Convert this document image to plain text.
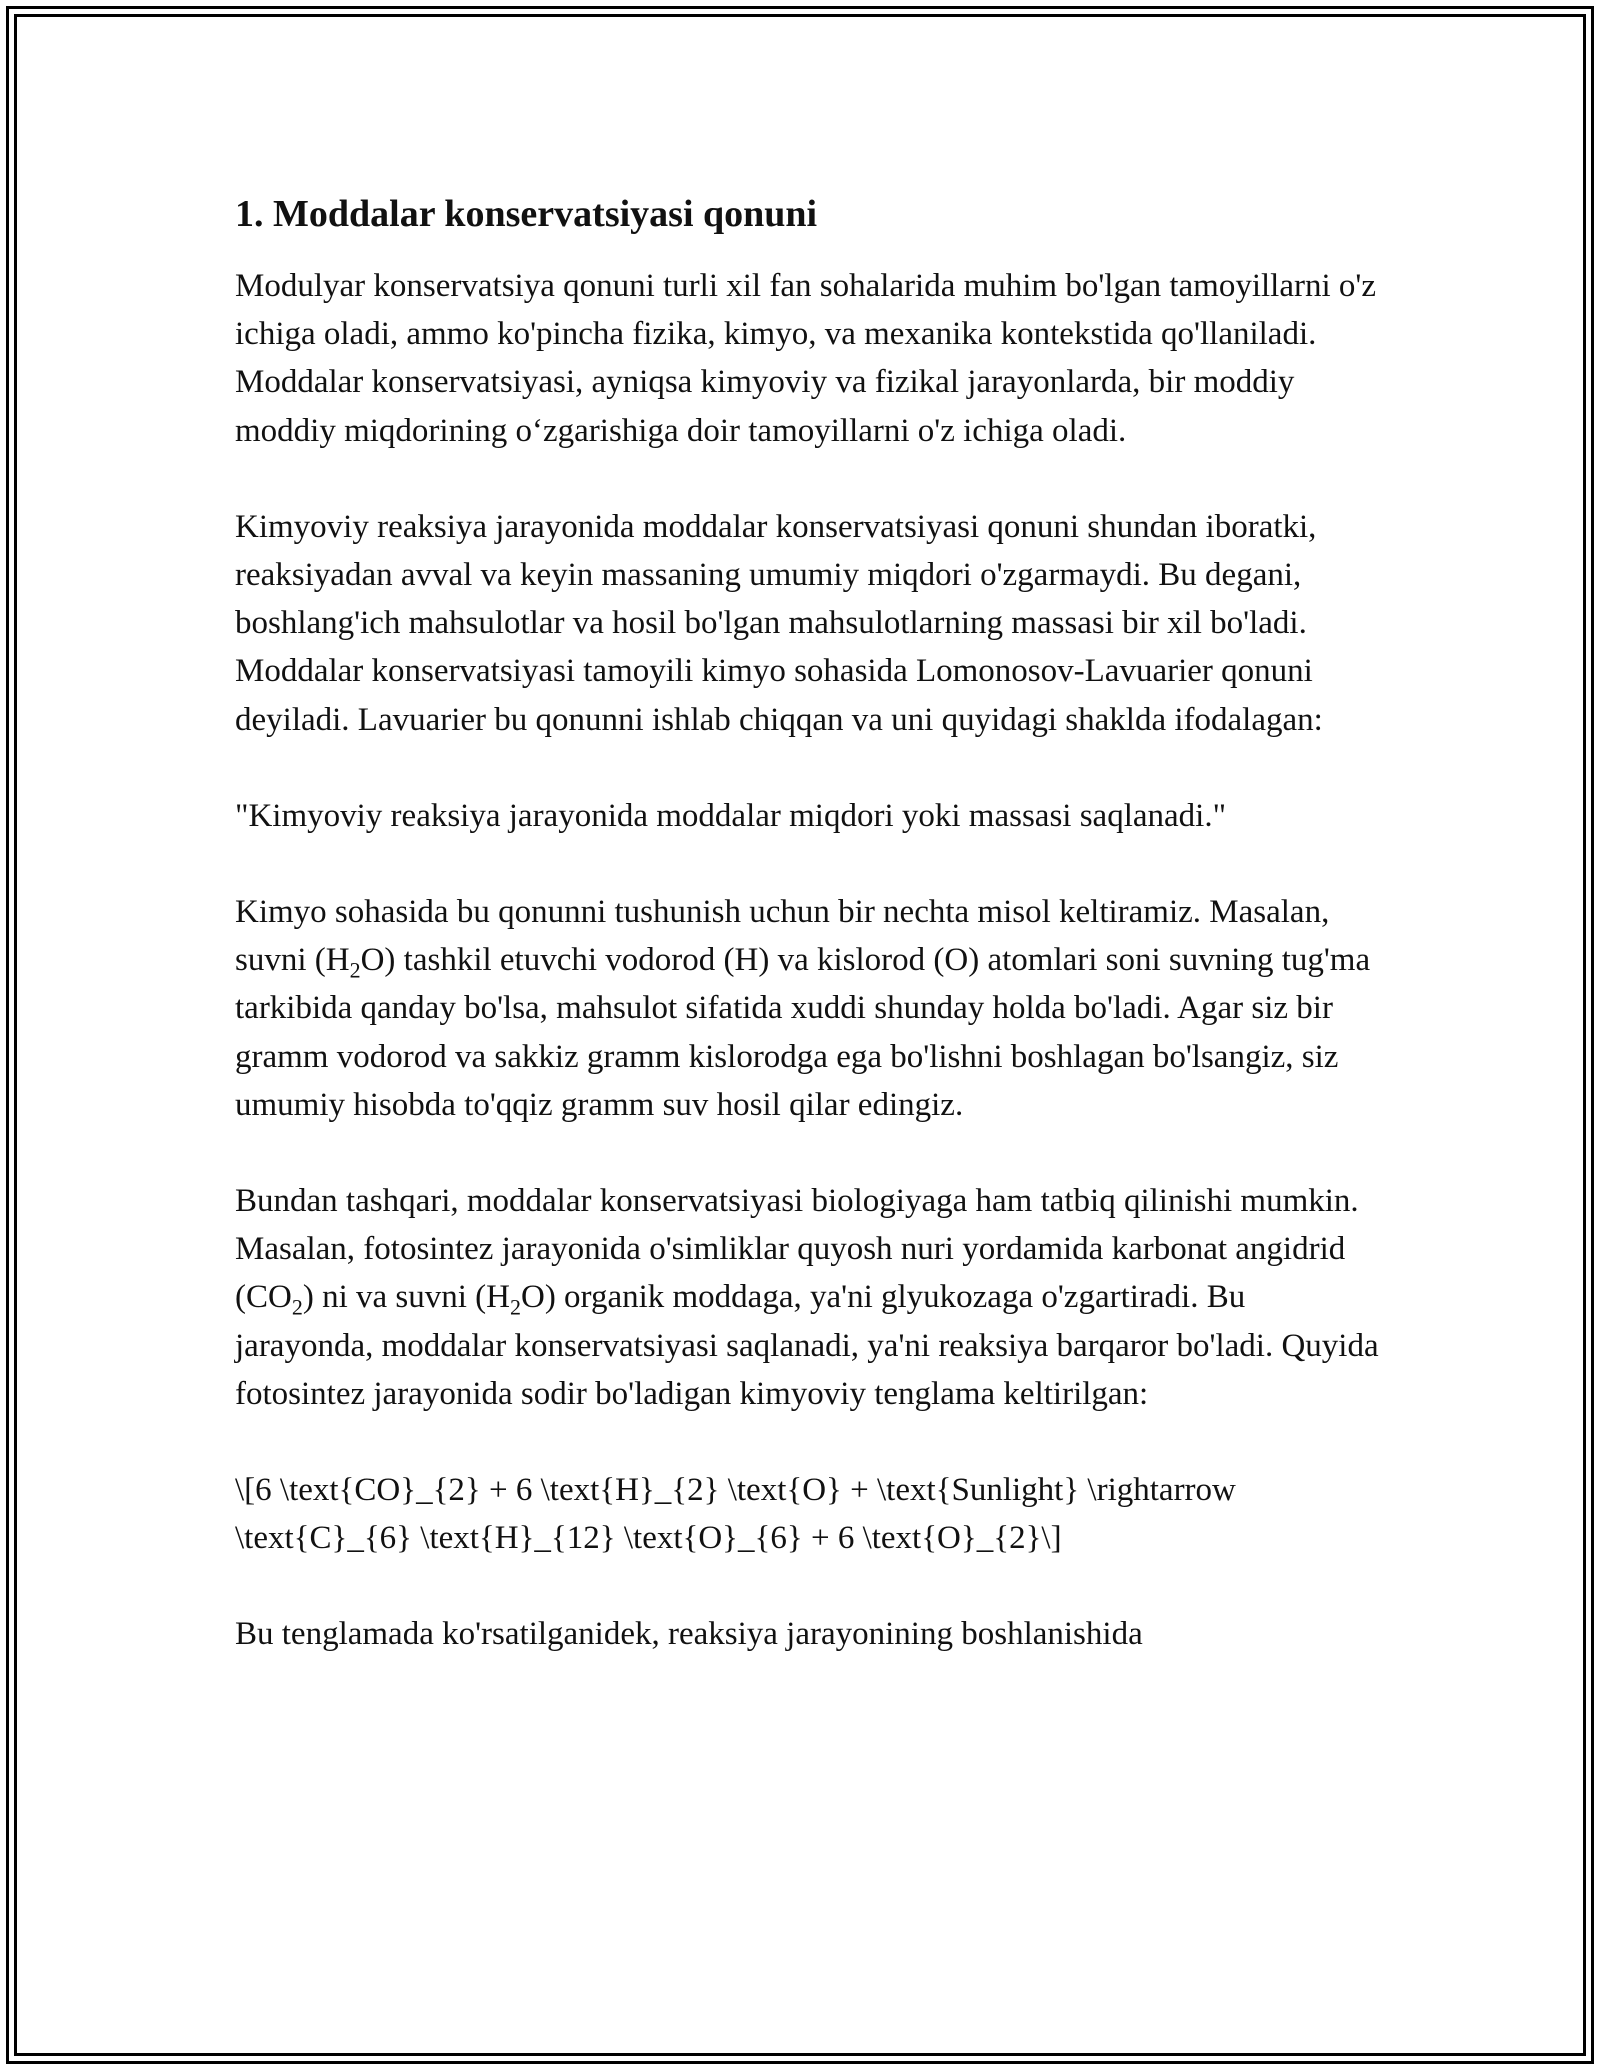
1. Moddalar konservatsiyasi qonuni

Modulyar konservatsiya qonuni turli xil fan sohalarida muhim bo'lgan tamoyillarni o'z ichiga oladi, ammo ko'pincha fizika, kimyo, va mexanika kontekstida qo'llaniladi. Moddalar konservatsiyasi, ayniqsa kimyoviy va fizikal jarayonlarda, bir moddiy moddiy miqdorining o‘zgarishiga doir tamoyillarni o'z ichiga oladi.

Kimyoviy reaksiya jarayonida moddalar konservatsiyasi qonuni shundan iboratki, reaksiyadan avval va keyin massaning umumiy miqdori o'zgarmaydi. Bu degani, boshlang'ich mahsulotlar va hosil bo'lgan mahsulotlarning massasi bir xil bo'ladi. Moddalar konservatsiyasi tamoyili kimyo sohasida Lomonosov-Lavuarier qonuni deyiladi. Lavuarier bu qonunni ishlab chiqqan va uni quyidagi shakldа ifodalagan:

"Kimyoviy reaksiya jarayonida moddalar miqdori yoki massasi saqlanadi."

Kimyo sohasida bu qonunni tushunish uchun bir nechta misol keltiramiz. Masalan, suvni $(H_2O)$ tashkil etuvchi vodorod (H) va kislorod (O) atomlari soni suvning tug'ma tarkibida qanday bo'lsa, mahsulot sifatida xuddi shunday holda bo'ladi. Agar siz bir gramm vodorod va sakkiz gramm kislorodga ega bo'lishni boshlagan bo'lsangiz, siz umumiy hisobda to'qqiz gramm suv hosil qilar edingiz.

Bundan tashqari, moddalar konservatsiyasi biologiyaga ham tatbiq qilinishi mumkin. Masalan, fotosintez jarayonida o'simliklar quyosh nuri yordamida karbonat angidrid $(CO_2)$ ni va suvni $(H_2O)$ organik moddaga, ya'ni glyukozaga o'zgartiradi. Bu jarayonda, moddalar konservatsiyasi saqlanadi, ya'ni reaksiya barqaror bo'ladi. Quyida fotosintez jarayonida sodir bo'ladigan kimyoviy tenglama keltirilgan:

\[6 \text{CO}_{2} + 6 \text{H}_{2} \text{O} + \text{Sunlight} \rightarrow \text{C}_{6} \text{H}_{12} \text{O}_{6} + 6 \text{O}_{2}\]

Bu tenglamada ko'rsatilganidek, reaksiya jarayonining boshlanishida
